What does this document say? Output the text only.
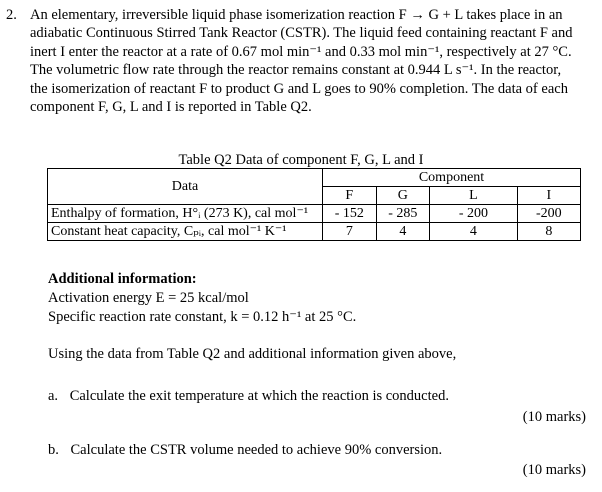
2. An elementary, irreversible liquid phase isomerization reaction F → G + L takes place in an
adiabatic Continuous Stirred Tank Reactor (CSTR). The liquid feed containing reactant F and
inert I enter the reactor at a rate of 0.67 mol min⁻¹ and 0.33 mol min⁻¹, respectively at 27 °C.
The volumetric flow rate through the reactor remains constant at 0.944 L s⁻¹. In the reactor,
the isomerization of reactant F to product G and L goes to 90% completion. The data of each
component F, G, L and I is reported in Table Q2.
Table Q2 Data of component F, G, L and I
Data	Component			
	F	G	L	I
Enthalpy of formation, H°ᵢ (273 K), cal mol⁻¹	- 152	- 285	- 200	-200
Constant heat capacity, Cₚᵢ, cal mol⁻¹ K⁻¹	7	4	4	8
Additional information:
Activation energy E = 25 kcal/mol
Specific reaction rate constant, k = 0.12 h⁻¹ at 25 °C.
Using the data from Table Q2 and additional information given above,
a. Calculate the exit temperature at which the reaction is conducted.
(10 marks)
b. Calculate the CSTR volume needed to achieve 90% conversion.
(10 marks)
